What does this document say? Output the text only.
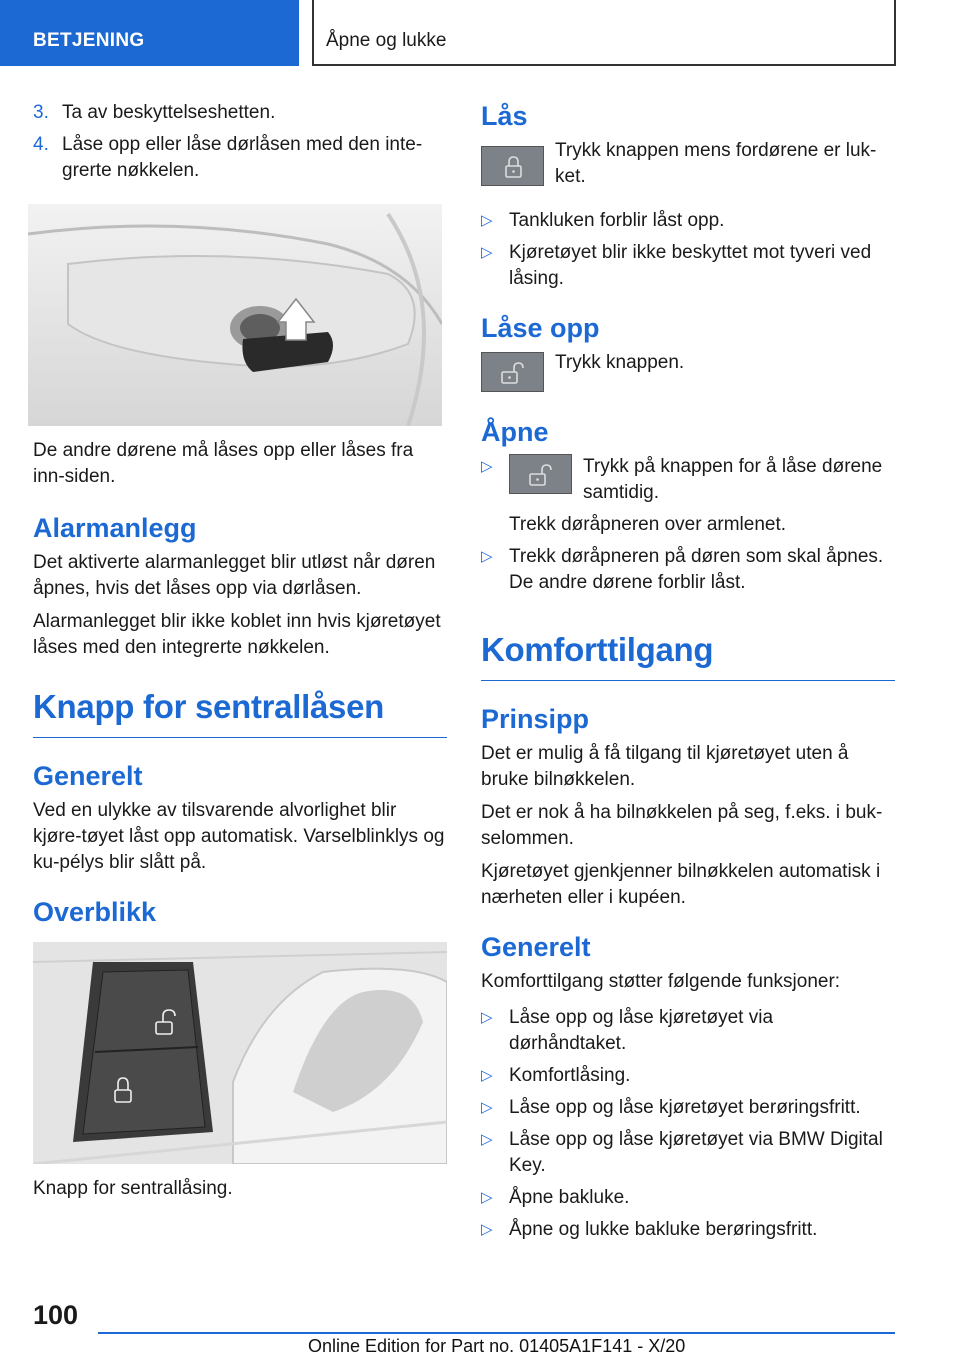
BETJENING	Åpne og lukke
3. Ta av beskyttelseshetten.
4. Låse opp eller låse dørlåsen med den inte‐grerte nøkkelen.

De andre dørene må låses opp eller låses fra inn‐siden.

Alarmanlegg

Det aktiverte alarmanlegget blir utløst når døren åpnes, hvis det låses opp via dørlåsen.

Alarmanlegget blir ikke koblet inn hvis kjøretøyet låses med den integrerte nøkkelen.

Knapp for sentrallåsen
Generelt

Ved en ulykke av tilsvarende alvorlighet blir kjøre‐tøyet låst opp automatisk. Varselblinklys og ku‐pélys blir slått på.

Overblikk

Knapp for sentrallåsing.

Lås
Trykk knappen mens fordørene er luk‐ket.
▷ Tankluken forblir låst opp.
▷ Kjøretøyet blir ikke beskyttet mot tyveri ved låsing.
Låse opp
Trykk knappen.
Åpne
▷	Trykk på knappen for å låse dørene samtidig.
Trekk døråpneren over armlenet.
▷ Trekk døråpneren på døren som skal åpnes. De andre dørene forblir låst.
Komforttilgang
Prinsipp

Det er mulig å få tilgang til kjøretøyet uten å bruke bilnøkkelen.

Det er nok å ha bilnøkkelen på seg, f.eks. i buk‐selommen.

Kjøretøyet gjenkjenner bilnøkkelen automatisk i nærheten eller i kupéen.

Generelt

Komforttilgang støtter følgende funksjoner:

▷ Låse opp og låse kjøretøyet via dørhåndtaket.
▷ Komfortlåsing.
▷ Låse opp og låse kjøretøyet berøringsfritt.
▷ Låse opp og låse kjøretøyet via BMW Digital Key.
▷ Åpne bakluke.
▷ Åpne og lukke bakluke berøringsfritt.
100
Online Edition for Part no. 01405A1F141 - X/20
